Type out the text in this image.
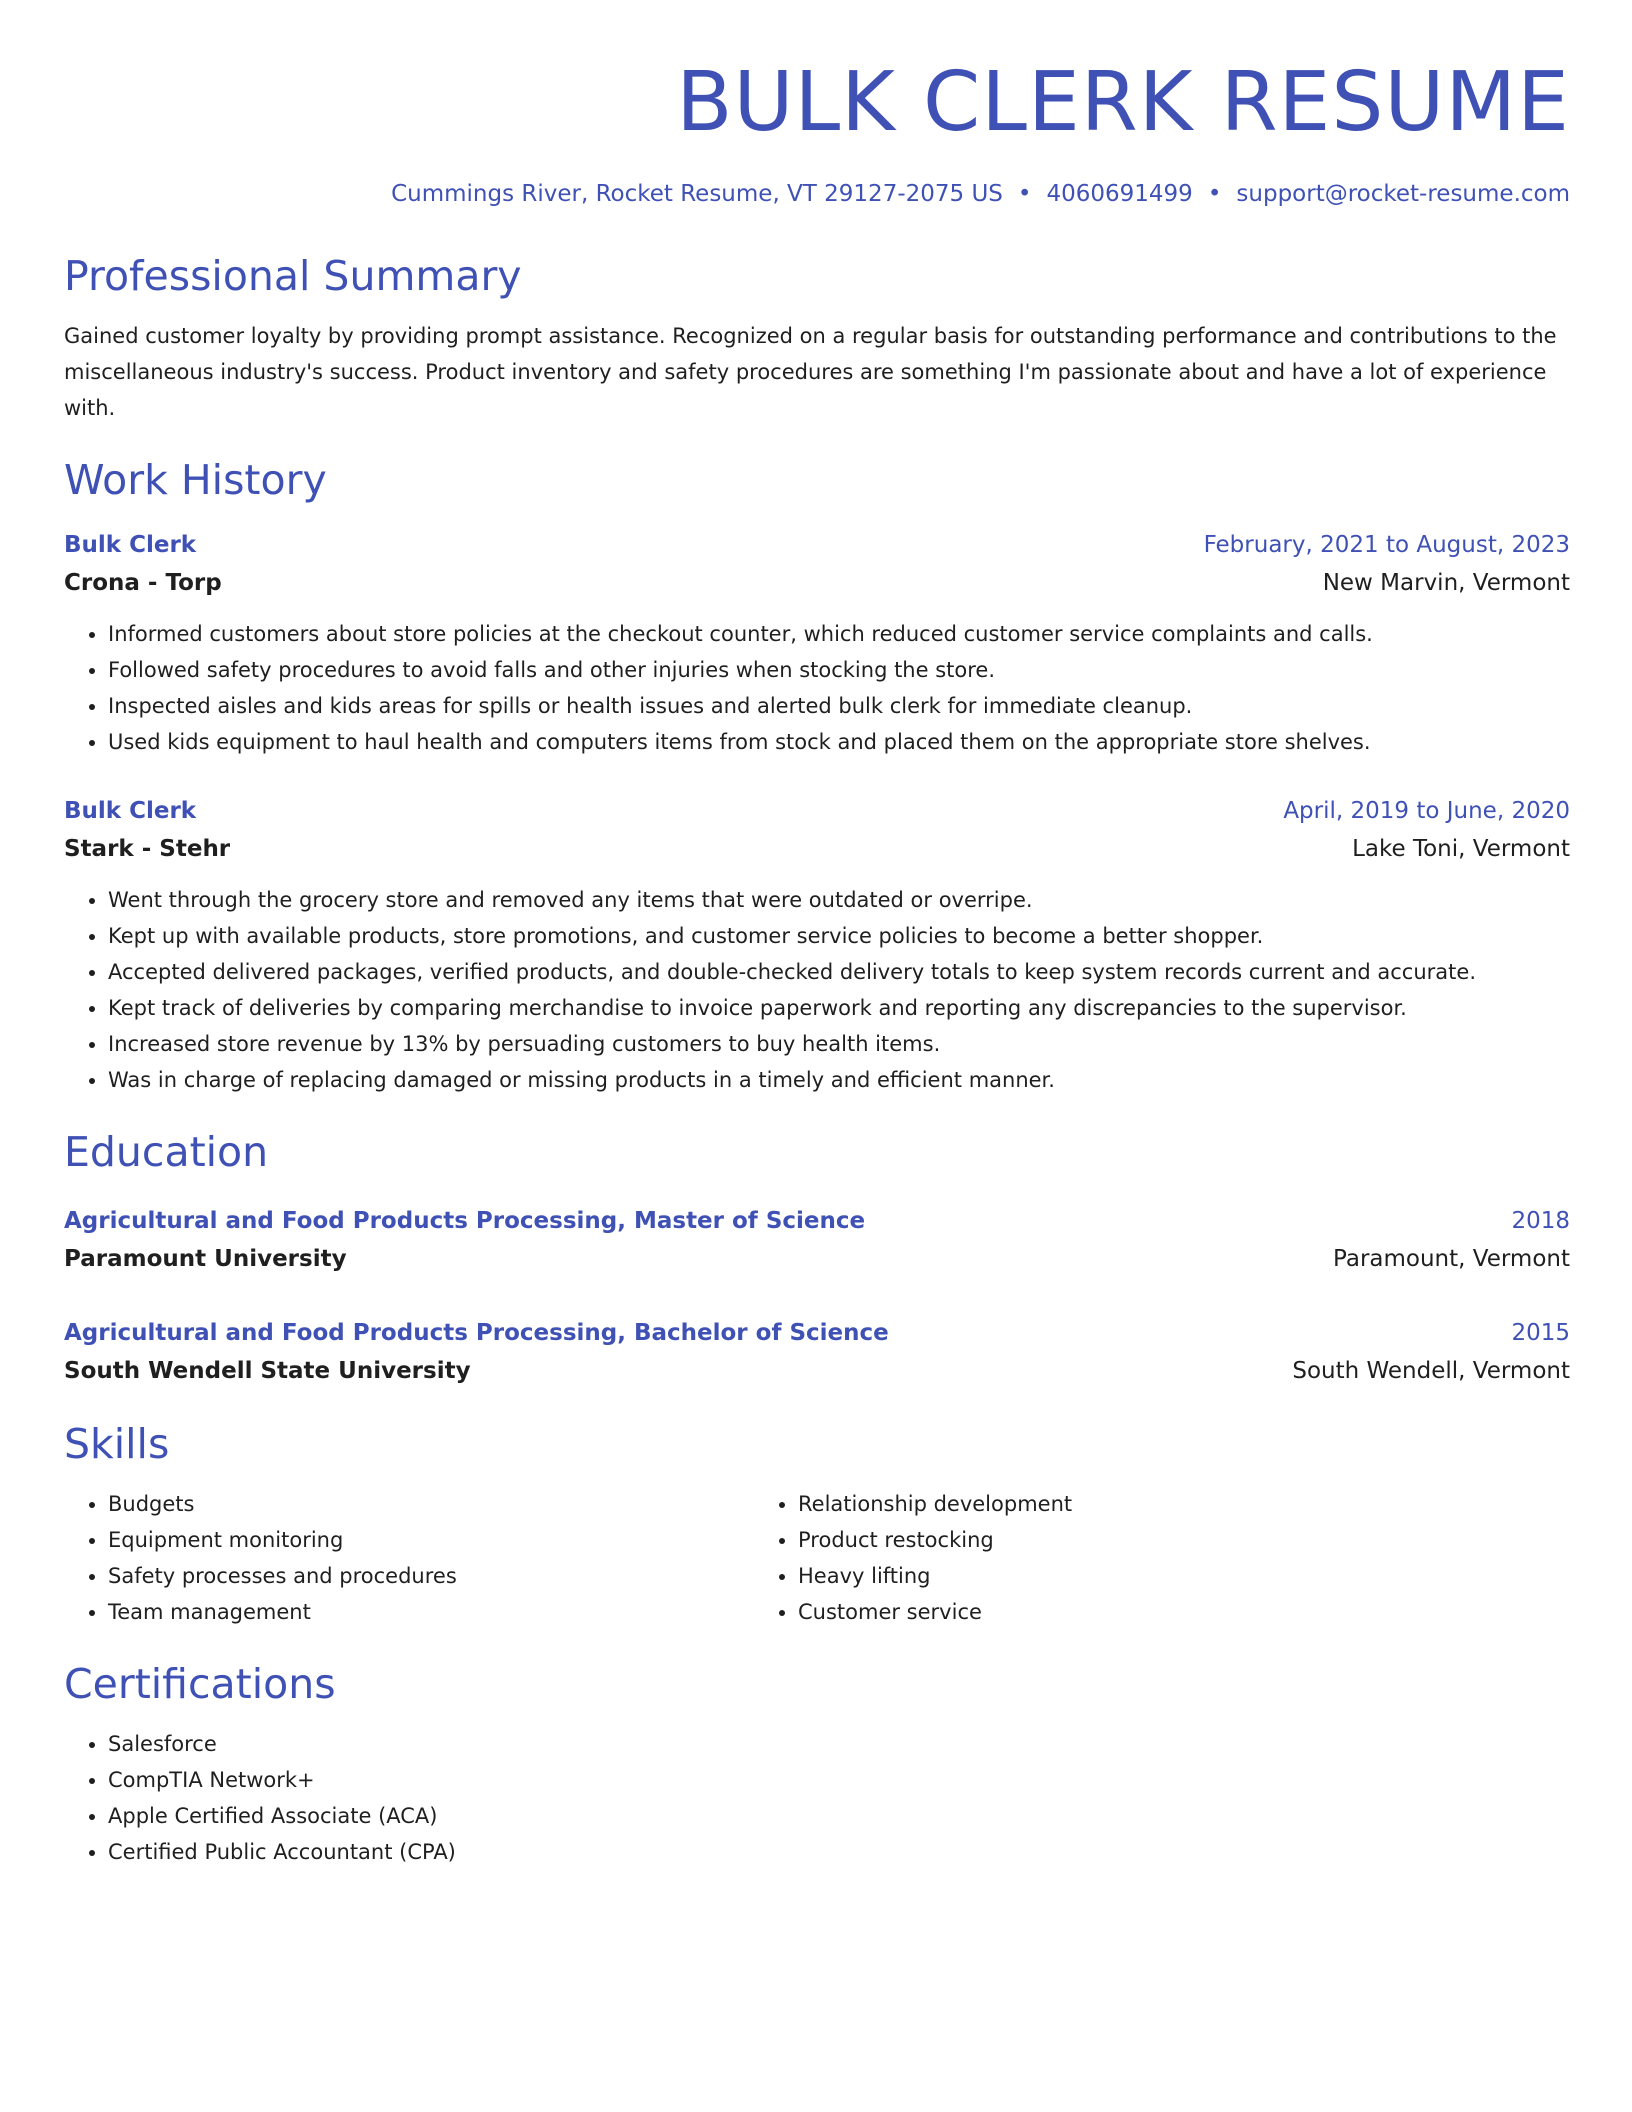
BULK CLERK RESUME
Cummings River, Rocket Resume, VT 29127-2075 US • 4060691499 • support@rocket-resume.com
Professional Summary

Gained customer loyalty by providing prompt assistance. Recognized on a regular basis for outstanding performance and contributions to the miscellaneous industry's success. Product inventory and safety procedures are something I'm passionate about and have a lot of experience with.

Work History
Bulk Clerk	February, 2021 to August, 2023
Crona - Torp	New Marvin, Vermont
• Informed customers about store policies at the checkout counter, which reduced customer service complaints and calls.
• Followed safety procedures to avoid falls and other injuries when stocking the store.
• Inspected aisles and kids areas for spills or health issues and alerted bulk clerk for immediate cleanup.
• Used kids equipment to haul health and computers items from stock and placed them on the appropriate store shelves.
Bulk Clerk	April, 2019 to June, 2020
Stark - Stehr	Lake Toni, Vermont
• Went through the grocery store and removed any items that were outdated or overripe.
• Kept up with available products, store promotions, and customer service policies to become a better shopper.
• Accepted delivered packages, verified products, and double-checked delivery totals to keep system records current and accurate.
• Kept track of deliveries by comparing merchandise to invoice paperwork and reporting any discrepancies to the supervisor.
• Increased store revenue by 13% by persuading customers to buy health items.
• Was in charge of replacing damaged or missing products in a timely and efficient manner.
Education
Agricultural and Food Products Processing, Master of Science	2018
Paramount University	Paramount, Vermont
Agricultural and Food Products Processing, Bachelor of Science	2015
South Wendell State University	South Wendell, Vermont
Skills
• Budgets
• Equipment monitoring
• Safety processes and procedures
• Team management
• Relationship development
• Product restocking
• Heavy lifting
• Customer service
Certifications
• Salesforce
• CompTIA Network+
• Apple Certified Associate (ACA)
• Certified Public Accountant (CPA)
